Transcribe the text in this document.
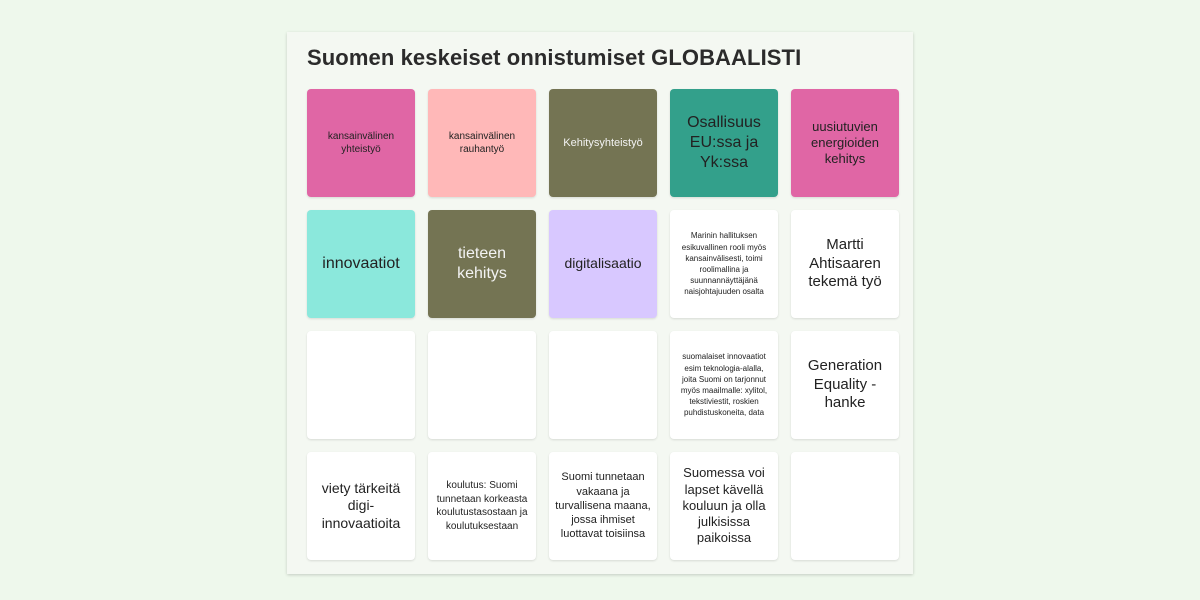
Suomen keskeiset onnistumiset GLOBAALISTI
kansainvälinen yhteistyö
kansainvälinen rauhantyö
Kehitysyhteistyö
Osallisuus EU:ssa ja Yk:ssa
uusiutuvien energioiden kehitys
innovaatiot
tieteen kehitys
digitalisaatio
Marinin hallituksen esikuvallinen rooli myös kansainvälisesti, toimi roolimallina ja suunnannäyttäjänä naisjohtajuuden osalta
Martti Ahtisaaren tekemä työ
suomalaiset innovaatiot esim teknologia-alalla, joita Suomi on tarjonnut myös maailmalle: xylitol, tekstiviestit, roskien puhdistuskoneita, data
Generation Equality -hanke
viety tärkeitä digi-innovaatioita
koulutus: Suomi tunnetaan korkeasta koulutustasostaan ja koulutuksestaan
Suomi tunnetaan vakaana ja turvallisena maana, jossa ihmiset luottavat toisiinsa
Suomessa voi lapset kävellä kouluun ja olla julkisissa paikoissa
